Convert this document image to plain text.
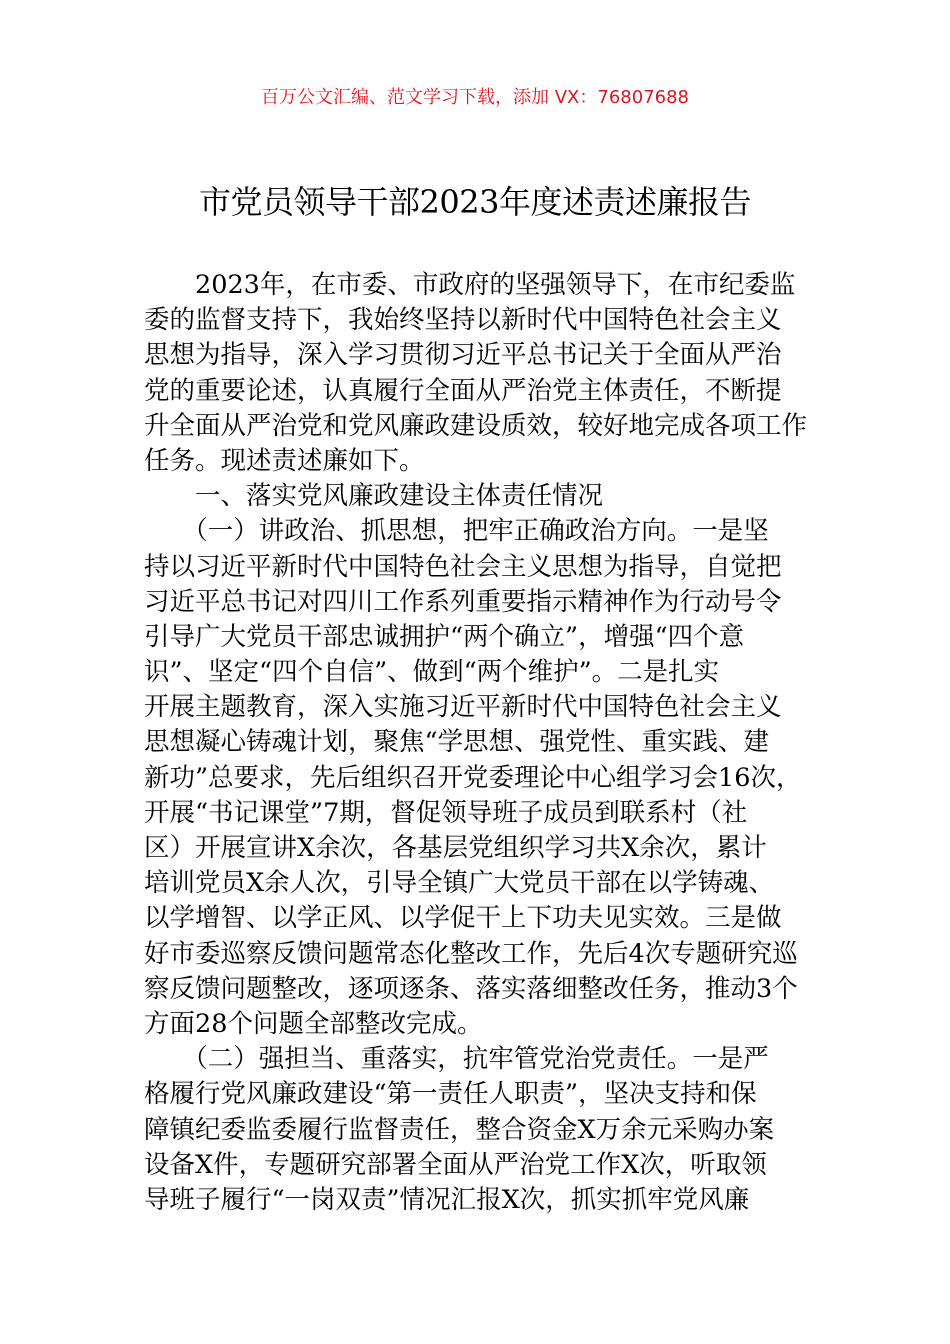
百万公文汇编、范文学习下载，添加 VX：76807688
市党员领导干部2023年度述责述廉报告
　　2023年，在市委、市政府的坚强领导下，在市纪委监
委的监督支持下，我始终坚持以新时代中国特色社会主义
思想为指导，深入学习贯彻习近平总书记关于全面从严治
党的重要论述，认真履行全面从严治党主体责任，不断提
升全面从严治党和党风廉政建设质效，较好地完成各项工作
任务。现述责述廉如下。
　　一、落实党风廉政建设主体责任情况
　　（一）讲政治、抓思想，把牢正确政治方向。一是坚
持以习近平新时代中国特色社会主义思想为指导，自觉把
习近平总书记对四川工作系列重要指示精神作为行动号令
引导广大党员干部忠诚拥护“两个确立”，增强“四个意
识”、坚定“四个自信”、做到“两个维护”。二是扎实
开展主题教育，深入实施习近平新时代中国特色社会主义
思想凝心铸魂计划，聚焦“学思想、强党性、重实践、建
新功”总要求，先后组织召开党委理论中心组学习会16次，
开展“书记课堂”7期，督促领导班子成员到联系村（社
区）开展宣讲X余次，各基层党组织学习共X余次，累计
培训党员X余人次，引导全镇广大党员干部在以学铸魂、
以学增智、以学正风、以学促干上下功夫见实效。三是做
好市委巡察反馈问题常态化整改工作，先后4次专题研究巡
察反馈问题整改，逐项逐条、落实落细整改任务，推动3个
方面28个问题全部整改完成。
　　（二）强担当、重落实，抗牢管党治党责任。一是严
格履行党风廉政建设“第一责任人职责”，坚决支持和保
障镇纪委监委履行监督责任，整合资金X万余元采购办案
设备X件，专题研究部署全面从严治党工作X次，听取领
导班子履行“一岗双责”情况汇报X次，抓实抓牢党风廉
